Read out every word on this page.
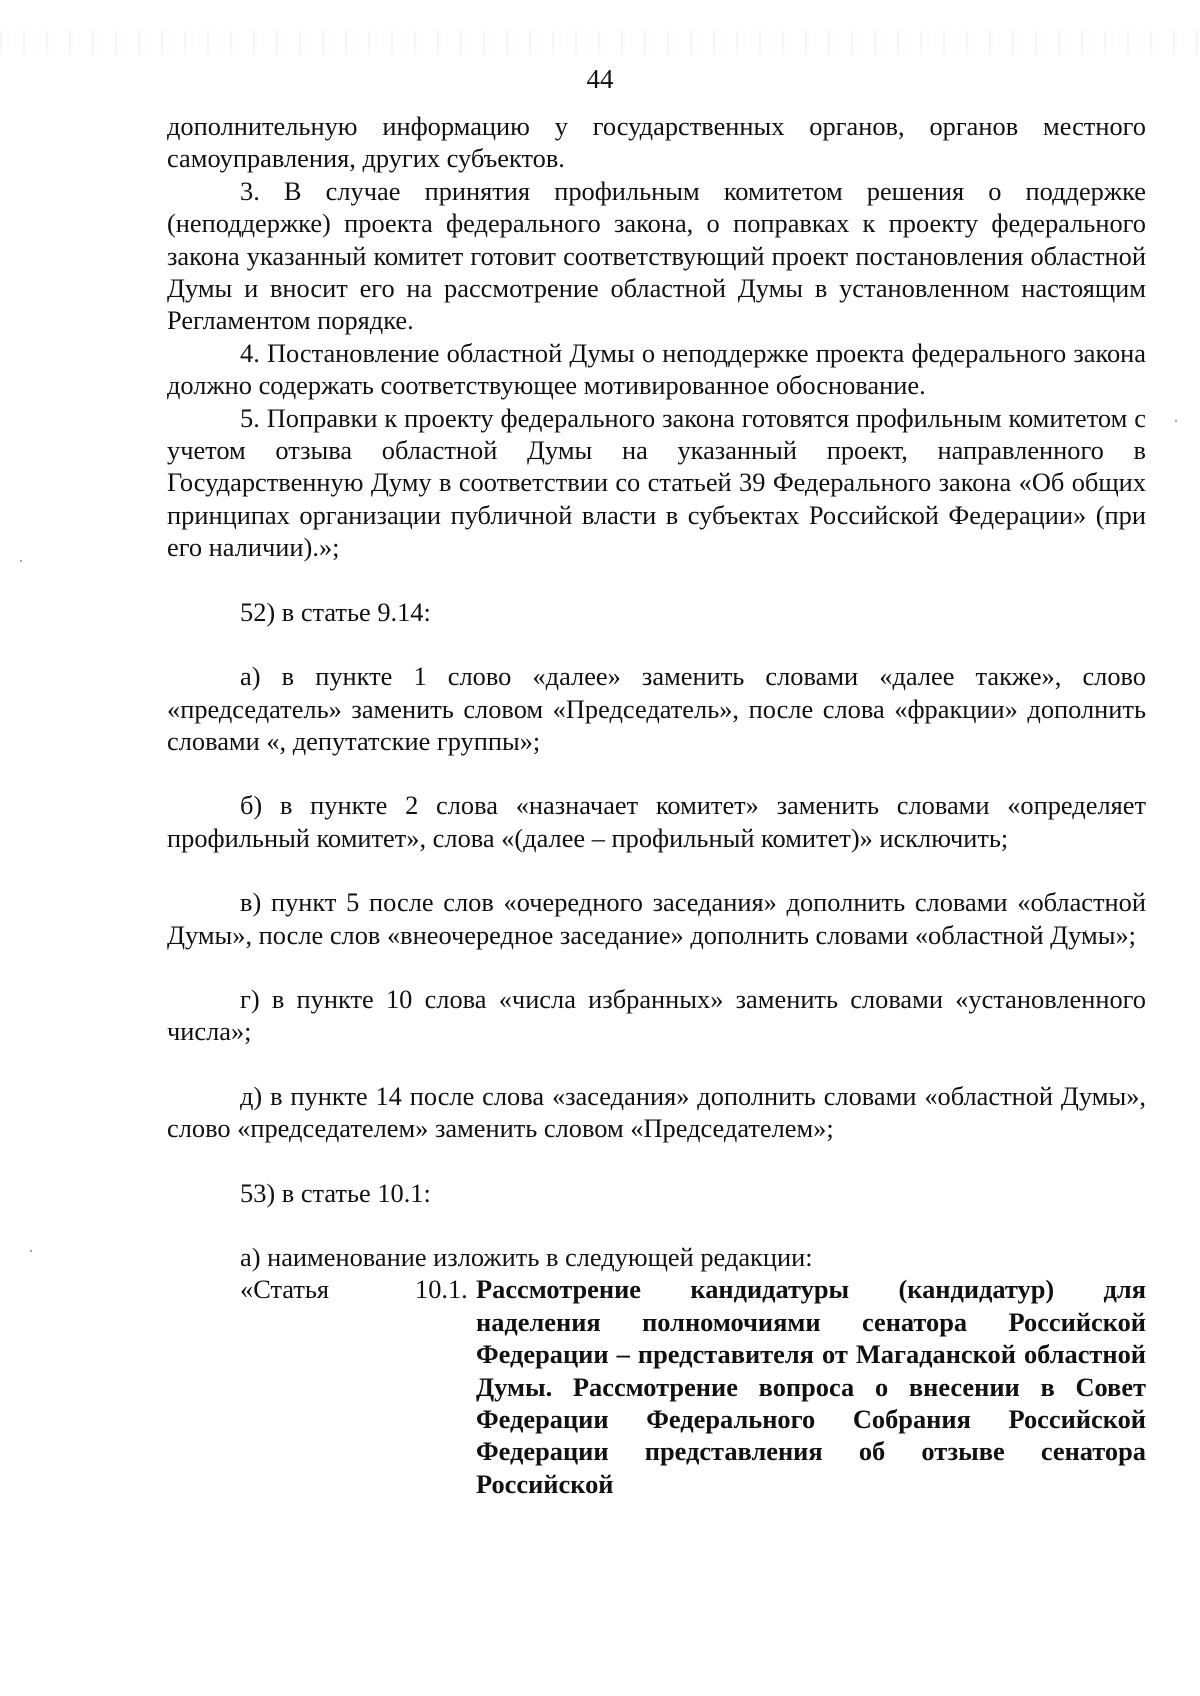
44

дополнительную информацию у государственных органов, органов местного самоуправления, других субъектов.

3. В случае принятия профильным комитетом решения о поддержке (неподдержке) проекта федерального закона, о поправках к проекту федерального закона указанный комитет готовит соответствующий проект постановления областной Думы и вносит его на рассмотрение областной Думы в установленном настоящим Регламентом порядке.

4. Постановление областной Думы о неподдержке проекта федерального закона должно содержать соответствующее мотивированное обоснование.

5. Поправки к проекту федерального закона готовятся профильным комитетом с учетом отзыва областной Думы на указанный проект, направленного в Государственную Думу в соответствии со статьей 39 Федерального закона «Об общих принципах организации публичной власти в субъектах Российской Федерации» (при его наличии).»;

52) в статье 9.14:

а) в пункте 1 слово «далее» заменить словами «далее также», слово «председатель» заменить словом «Председатель», после слова «фракции» дополнить словами «, депутатские группы»;

б) в пункте 2 слова «назначает комитет» заменить словами «определяет профильный комитет», слова «(далее – профильный комитет)» исключить;

в) пункт 5 после слов «очередного заседания» дополнить словами «областной Думы», после слов «внеочередное заседание» дополнить словами «областной Думы»;

г) в пункте 10 слова «числа избранных» заменить словами «установленного числа»;

д) в пункте 14 после слова «заседания» дополнить словами «областной Думы», слово «председателем» заменить словом «Председателем»;

53) в статье 10.1:

а) наименование изложить в следующей редакции:

«Статья	10.1. Рассмотрение кандидатуры (кандидатур) для наделения полномочиями сенатора Российской Федерации – представителя от Магаданской областной Думы. Рассмотрение вопроса о внесении в Совет Федерации Федерального Собрания Российской Федерации представления об отзыве сенатора Российской
